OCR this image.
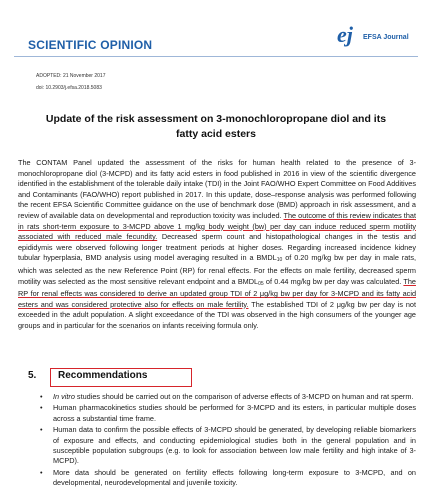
SCIENTIFIC OPINION	ej EFSA Journal
ADOPTED: 21 November 2017
doi: 10.2903/j.efsa.2018.5083
Update of the risk assessment on 3-monochloropropane diol and its fatty acid esters

The CONTAM Panel updated the assessment of the risks for human health related to the presence of 3-monochloropropane diol (3-MCPD) and its fatty acid esters in food published in 2016 in view of the scientific divergence identified in the establishment of the tolerable daily intake (TDI) in the Joint FAO/WHO Expert Committee on Food Additives and Contaminants (FAO/WHO) report published in 2017. In this update, dose–response analysis was performed following the recent EFSA Scientific Committee guidance on the use of benchmark dose (BMD) approach in risk assessment, and a review of available data on developmental and reproduction toxicity was included. The outcome of this review indicates that in rats short-term exposure to 3-MCPD above 1 mg/kg body weight (bw) per day can induce reduced sperm motility associated with reduced male fecundity. Decreased sperm count and histopathological changes in the testis and epididymis were observed following longer treatment periods at higher doses. Regarding increased incidence kidney tubular hyperplasia, BMD analysis using model averaging resulted in a $BMDL_{10}$ of 0.20 mg/kg bw per day in male rats, which was selected as the new Reference Point (RP) for renal effects. For the effects on male fertility, decreased sperm motility was selected as the most sensitive relevant endpoint and a $BMDL_{05}$ of 0.44 mg/kg bw per day was calculated. The RP for renal effects was considered to derive an updated group TDI of 2 μg/kg bw per day for 3-MCPD and its fatty acid esters and was considered protective also for effects on male fertility. The established TDI of 2 μg/kg bw per day is not exceeded in the adult population. A slight exceedance of the TDI was observed in the high consumers of the younger age groups and in particular for the scenarios on infants receiving formula only.

5. Recommendations
• In vitro studies should be carried out on the comparison of adverse effects of 3-MCPD on human and rat sperm.
• Human pharmacokinetics studies should be performed for 3-MCPD and its esters, in particular multiple doses across a substantial time frame.
• Human data to confirm the possible effects of 3-MCPD should be generated, by developing reliable biomarkers of exposure and effects, and conducting epidemiological studies both in the general population and in susceptible population subgroups (e.g. to look for association between low male fertility and high intake of 3-MCPD).
• More data should be generated on fertility effects following long-term exposure to 3-MCPD, and on developmental, neurodevelopmental and juvenile toxicity.
